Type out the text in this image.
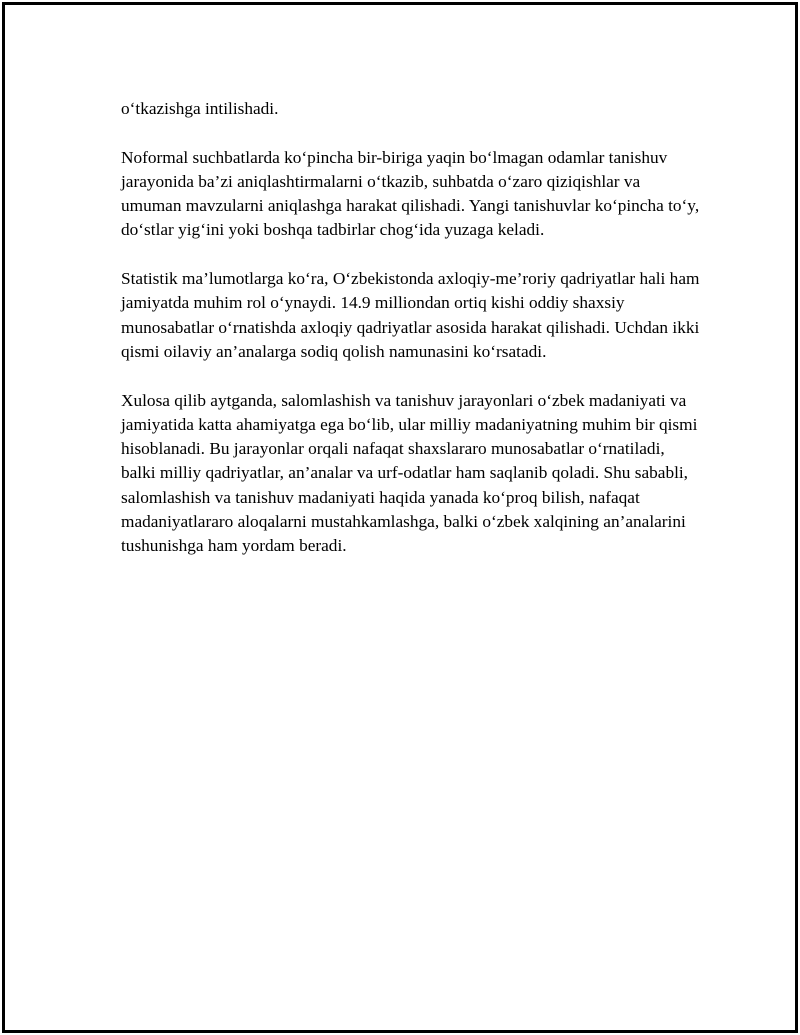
o‘tkazishga intilishadi.

Noformal suchbatlarda ko‘pincha bir-biriga yaqin bo‘lmagan odamlar tanishuv jarayonida ba’zi aniqlashtirmalarni o‘tkazib, suhbatda o‘zaro qiziqishlar va umuman mavzularni aniqlashga harakat qilishadi. Yangi tanishuvlar ko‘pincha to‘y, do‘stlar yig‘ini yoki boshqa tadbirlar chog‘ida yuzaga keladi.

Statistik ma’lumotlarga ko‘ra, O‘zbekistonda axloqiy-me’roriy qadriyatlar hali ham jamiyatda muhim rol o‘ynaydi. 14.9 milliondan ortiq kishi oddiy shaxsiy munosabatlar o‘rnatishda axloqiy qadriyatlar asosida harakat qilishadi. Uchdan ikki qismi oilaviy an’analarga sodiq qolish namunasini ko‘rsatadi.

Xulosa qilib aytganda, salomlashish va tanishuv jarayonlari o‘zbek madaniyati va jamiyatida katta ahamiyatga ega bo‘lib, ular milliy madaniyatning muhim bir qismi hisoblanadi. Bu jarayonlar orqali nafaqat shaxslararo munosabatlar o‘rnatiladi, balki milliy qadriyatlar, an’analar va urf-odatlar ham saqlanib qoladi. Shu sababli, salomlashish va tanishuv madaniyati haqida yanada ko‘proq bilish, nafaqat madaniyatlararo aloqalarni mustahkamlashga, balki o‘zbek xalqining an’analarini tushunishga ham yordam beradi.
